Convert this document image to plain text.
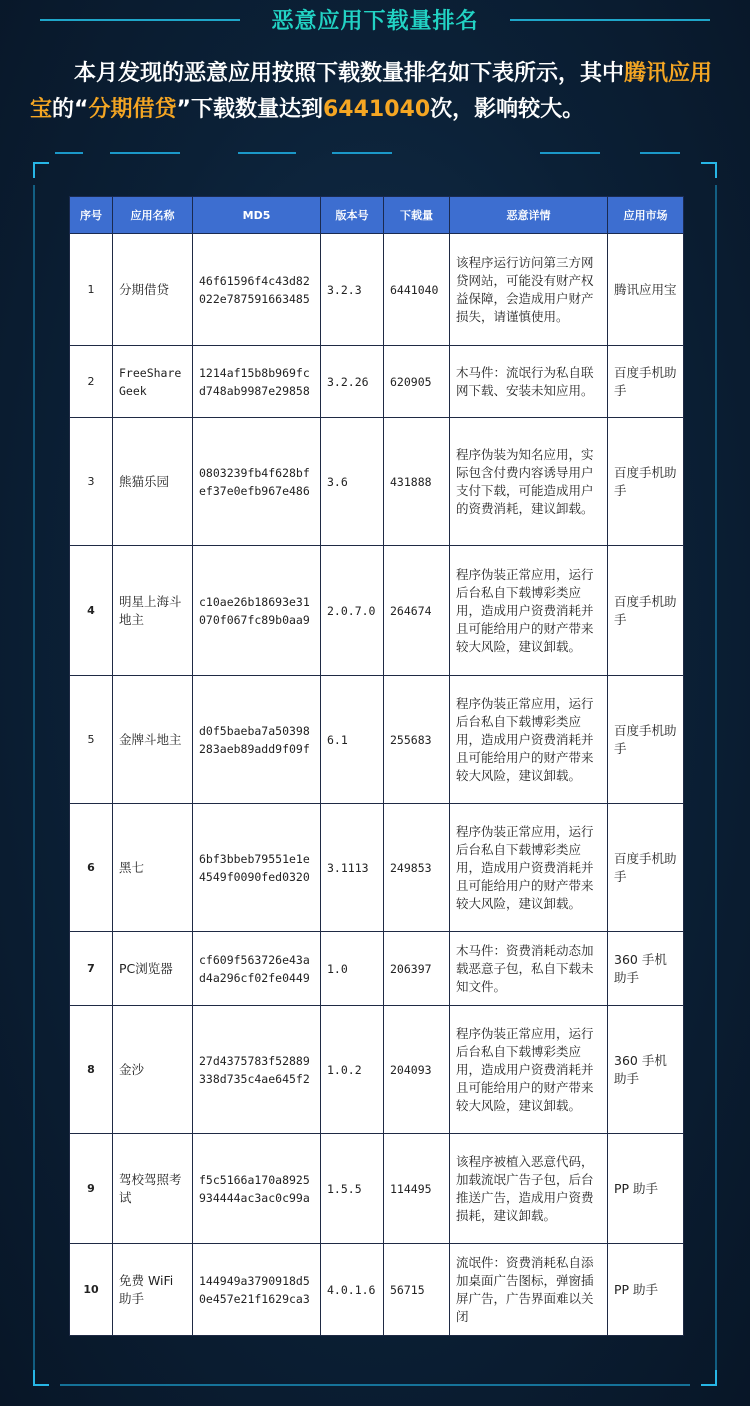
恶意应用下载量排名
本月发现的恶意应用按照下载数量排名如下表所示，其中腾讯应用宝的“分期借贷”下载数量达到6441040次，影响较大。
序号	应用名称	MD5	版本号	下载量	恶意详情	应用市场
1	分期借贷	46f61596f4c43d82022e787591663485	3.2.3	6441040	该程序运行访问第三方网贷网站，可能没有财产权益保障，会造成用户财产损失，请谨慎使用。	腾讯应用宝
2	FreeShare Geek	1214af15b8b969fcd748ab9987e29858	3.2.26	620905	木马件：流氓行为私自联网下载、安装未知应用。	百度手机助手
3	熊猫乐园	0803239fb4f628bfef37e0efb967e486	3.6	431888	程序伪装为知名应用，实际包含付费内容诱导用户支付下载，可能造成用户的资费消耗，建议卸载。	百度手机助手
4	明星上海斗地主	c10ae26b18693e31070f067fc89b0aa9	2.0.7.0	264674	程序伪装正常应用，运行后台私自下载博彩类应用，造成用户资费消耗并且可能给用户的财产带来较大风险，建议卸载。	百度手机助手
5	金牌斗地主	d0f5baeba7a50398283aeb89add9f09f	6.1	255683	程序伪装正常应用，运行后台私自下载博彩类应用，造成用户资费消耗并且可能给用户的财产带来较大风险，建议卸载。	百度手机助手
6	黑七	6bf3bbeb79551e1e4549f0090fed0320	3.1113	249853	程序伪装正常应用，运行后台私自下载博彩类应用，造成用户资费消耗并且可能给用户的财产带来较大风险，建议卸载。	百度手机助手
7	PC浏览器	cf609f563726e43ad4a296cf02fe0449	1.0	206397	木马件：资费消耗动态加载恶意子包，私自下载未知文件。	360 手机助手
8	金沙	27d4375783f52889338d735c4ae645f2	1.0.2	204093	程序伪装正常应用，运行后台私自下载博彩类应用，造成用户资费消耗并且可能给用户的财产带来较大风险，建议卸载。	360 手机助手
9	驾校驾照考试	f5c5166a170a8925934444ac3ac0c99a	1.5.5	114495	该程序被植入恶意代码，加载流氓广告子包，后台推送广告，造成用户资费损耗，建议卸载。	PP 助手
10	免费 WiFi 助手	144949a3790918d50e457e21f1629ca3	4.0.1.6	56715	流氓件：资费消耗私自添加桌面广告图标，弹窗插屏广告，广告界面难以关闭	PP 助手
